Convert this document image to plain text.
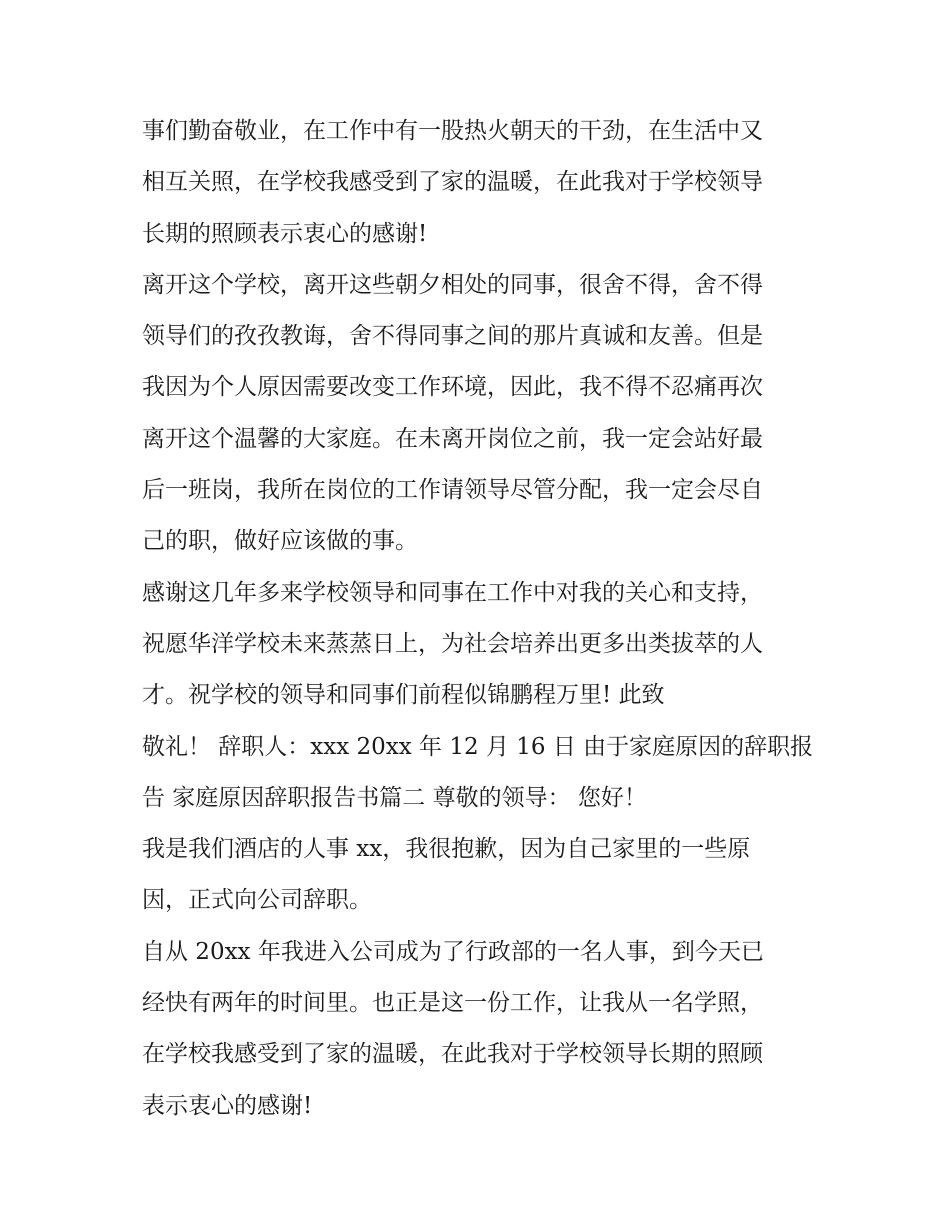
事们勤奋敬业，在工作中有一股热火朝天的干劲，在生活中又
相互关照，在学校我感受到了家的温暖，在此我对于学校领导
长期的照顾表示衷心的感谢!
离开这个学校，离开这些朝夕相处的同事，很舍不得，舍不得
领导们的孜孜教诲，舍不得同事之间的那片真诚和友善。但是
我因为个人原因需要改变工作环境，因此，我不得不忍痛再次
离开这个温馨的大家庭。在未离开岗位之前，我一定会站好最
后一班岗，我所在岗位的工作请领导尽管分配，我一定会尽自
己的职，做好应该做的事。
感谢这几年多来学校领导和同事在工作中对我的关心和支持，
祝愿华洋学校未来蒸蒸日上，为社会培养出更多出类拔萃的人
才。祝学校的领导和同事们前程似锦鹏程万里! 此致
敬礼！ 辞职人：xxx 20xx 年 12 月 16 日 由于家庭原因的辞职报
告 家庭原因辞职报告书篇二 尊敬的领导： 您好！
我是我们酒店的人事 xx，我很抱歉，因为自己家里的一些原
因，正式向公司辞职。
自从 20xx 年我进入公司成为了行政部的一名人事，到今天已
经快有两年的时间里。也正是这一份工作，让我从一名学照，
在学校我感受到了家的温暖，在此我对于学校领导长期的照顾
表示衷心的感谢!
